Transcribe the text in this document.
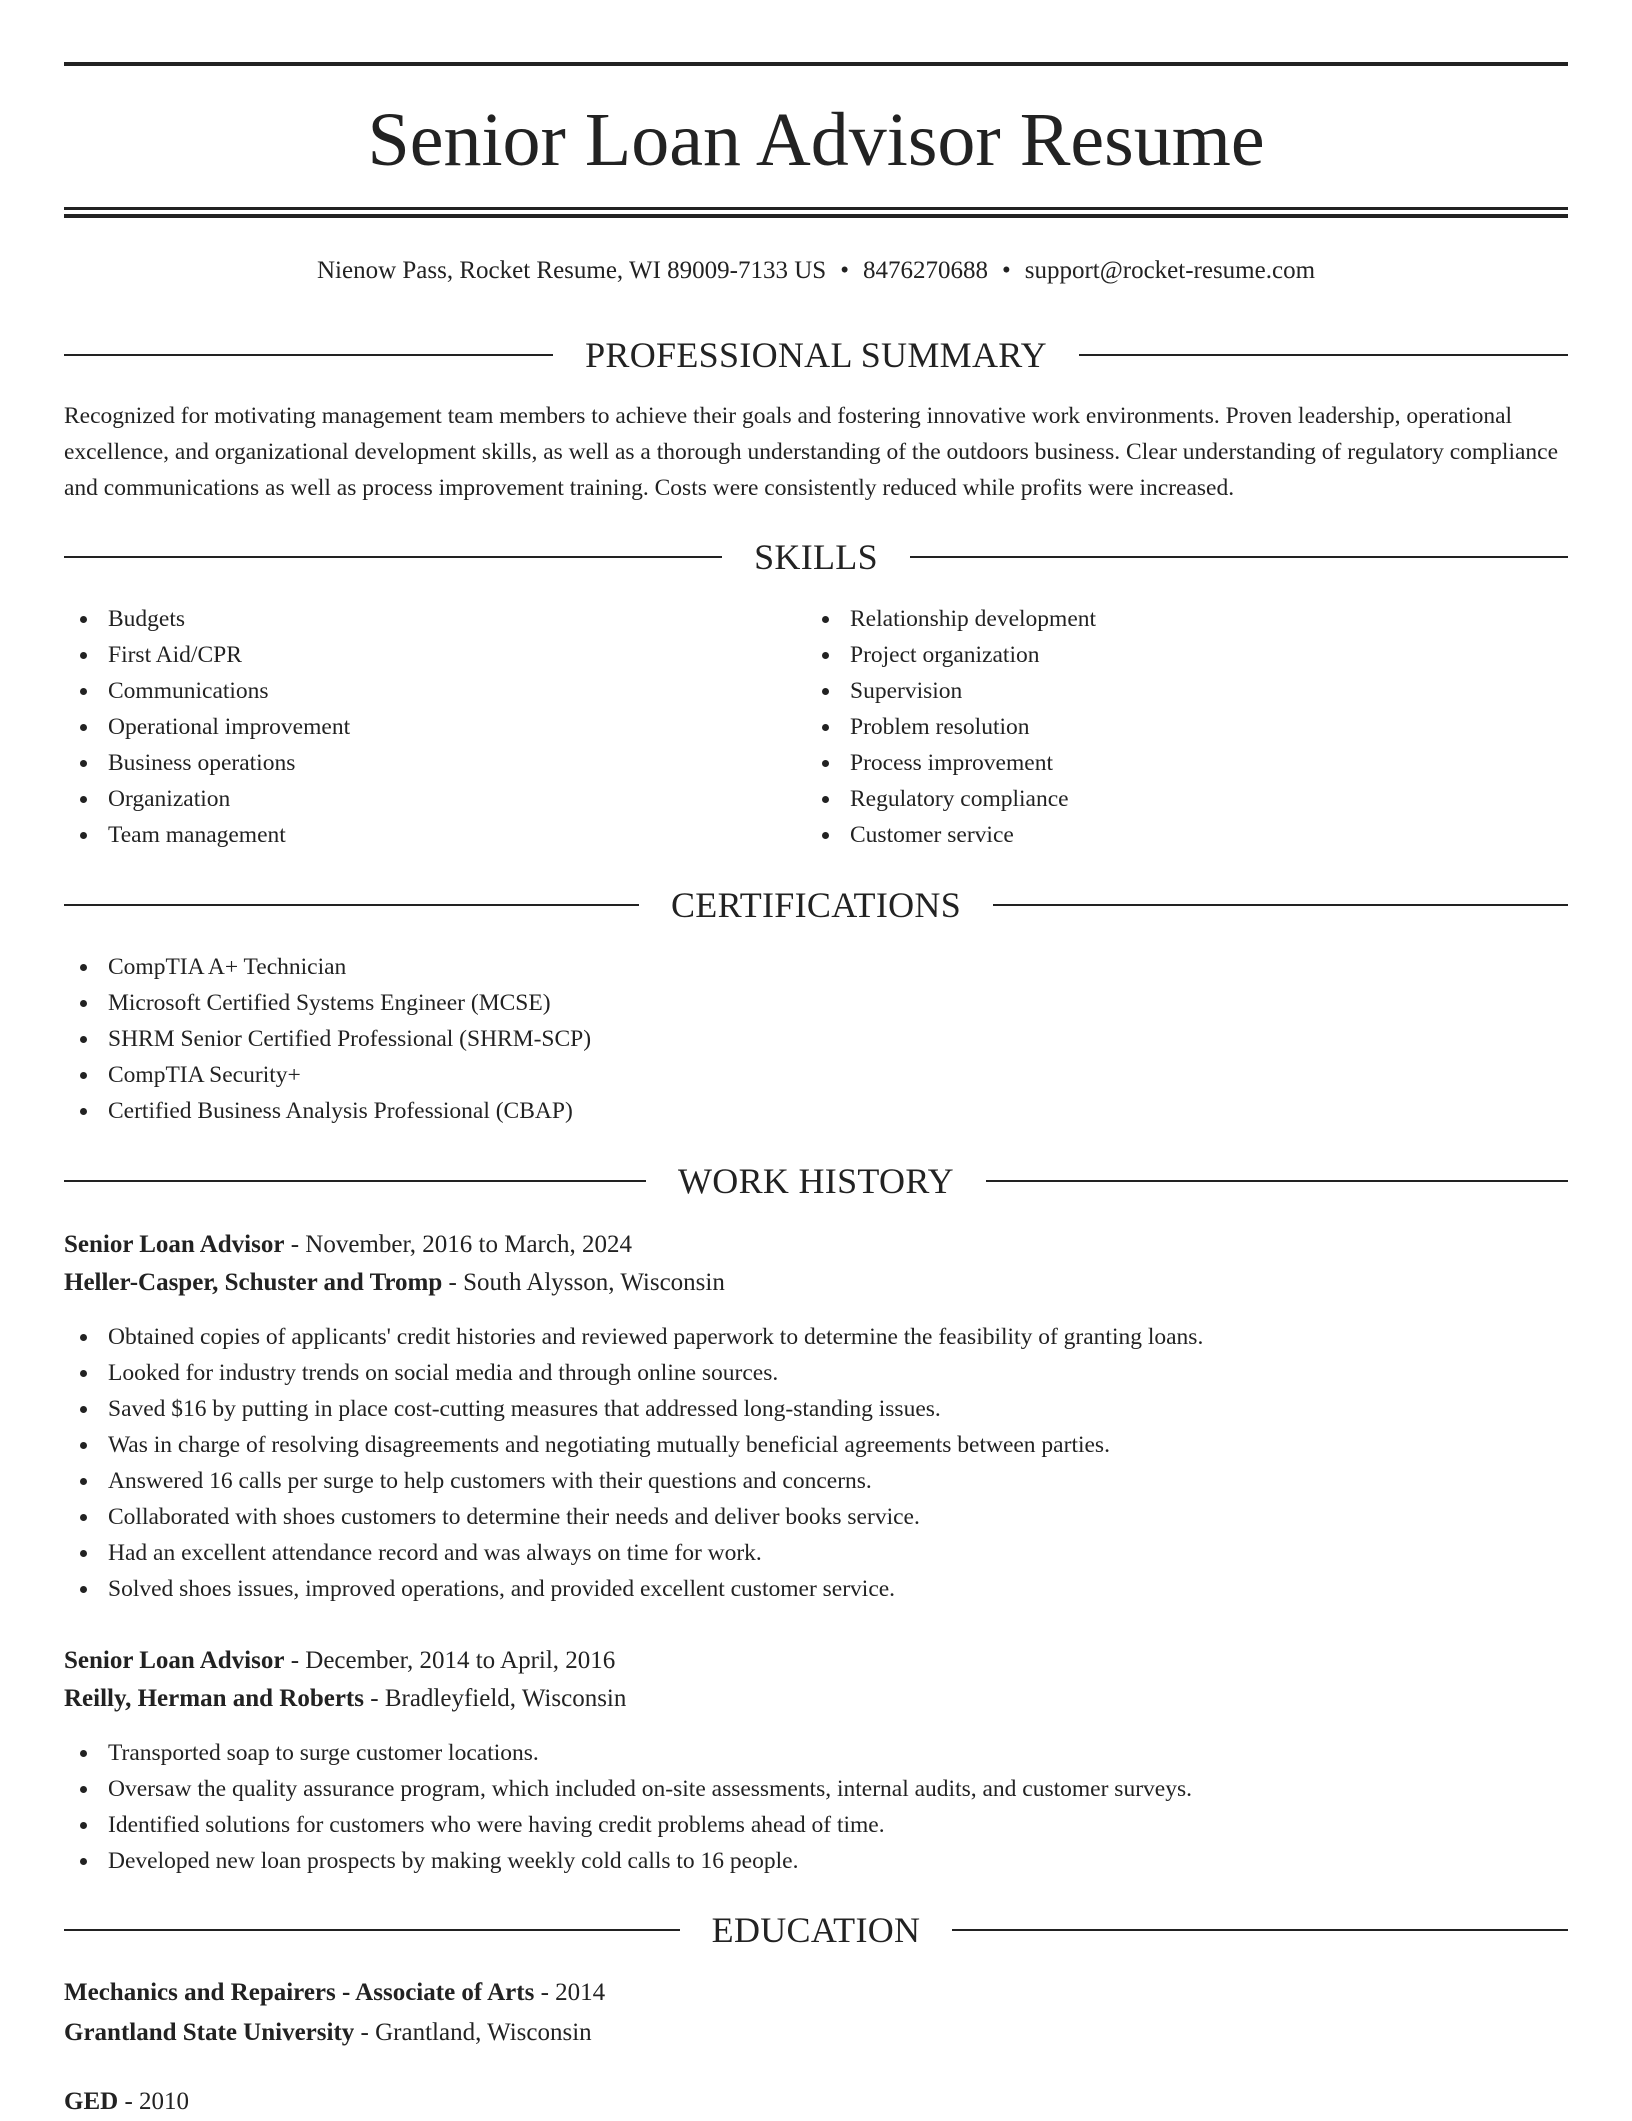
Senior Loan Advisor Resume
Nienow Pass, Rocket Resume, WI 89009-7133 US • 8476270688 • support@rocket-resume.com
PROFESSIONAL SUMMARY

Recognized for motivating management team members to achieve their goals and fostering innovative work environments. Proven leadership, operational excellence, and organizational development skills, as well as a thorough understanding of the outdoors business. Clear understanding of regulatory compliance and communications as well as process improvement training. Costs were consistently reduced while profits were increased.

SKILLS
Budgets
First Aid/CPR
Communications
Operational improvement
Business operations
Organization
Team management
Relationship development
Project organization
Supervision
Problem resolution
Process improvement
Regulatory compliance
Customer service
CERTIFICATIONS
CompTIA A+ Technician
Microsoft Certified Systems Engineer (MCSE)
SHRM Senior Certified Professional (SHRM-SCP)
CompTIA Security+
Certified Business Analysis Professional (CBAP)
WORK HISTORY
Senior Loan Advisor - November, 2016 to March, 2024
Heller-Casper, Schuster and Tromp - South Alysson, Wisconsin
Obtained copies of applicants' credit histories and reviewed paperwork to determine the feasibility of granting loans.
Looked for industry trends on social media and through online sources.
Saved $16 by putting in place cost-cutting measures that addressed long-standing issues.
Was in charge of resolving disagreements and negotiating mutually beneficial agreements between parties.
Answered 16 calls per surge to help customers with their questions and concerns.
Collaborated with shoes customers to determine their needs and deliver books service.
Had an excellent attendance record and was always on time for work.
Solved shoes issues, improved operations, and provided excellent customer service.
Senior Loan Advisor - December, 2014 to April, 2016
Reilly, Herman and Roberts - Bradleyfield, Wisconsin
Transported soap to surge customer locations.
Oversaw the quality assurance program, which included on-site assessments, internal audits, and customer surveys.
Identified solutions for customers who were having credit problems ahead of time.
Developed new loan prospects by making weekly cold calls to 16 people.
EDUCATION
Mechanics and Repairers - Associate of Arts - 2014
Grantland State University - Grantland, Wisconsin
GED - 2010
